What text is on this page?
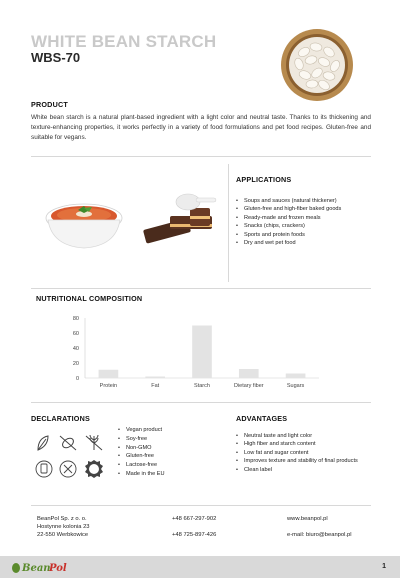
WHITE BEAN STARCH
WBS-70
PRODUCT
White bean starch is a natural plant-based ingredient with a light color and neutral taste. Thanks to its thickening and texture-enhancing properties, it works perfectly in a variety of food formulations and pet food recipes. Gluten-free and suitable for vegans.
APPLICATIONS
• Soups and sauces (natural thickener)
• Gluten-free and high-fiber baked goods
• Ready-made and frozen meals
• Snacks (chips, crackers)
• Sports and protein foods
• Dry and wet pet food
NUTRITIONAL COMPOSITION
0
20
40
60
80
Protein	Fat	Starch	Dietary fiber	Sugars
DECLARATIONS
• Vegan product
• Soy-free
• Non-GMO
• Gluten-free
• Lactose-free
• Made in the EU
ADVANTAGES
• Neutral taste and light color
• High fiber and starch content
• Low fat and sugar content
• Improves texture and stability of final products
• Clean label
BeanPol Sp. z o. o.
Hostynne kolonia 23
22-550 Werbkowice
+48 667-297-902
+48 725-897-426
www.beanpol.pl
e-mail: biuro@beanpol.pl
Bean
Pol	1
